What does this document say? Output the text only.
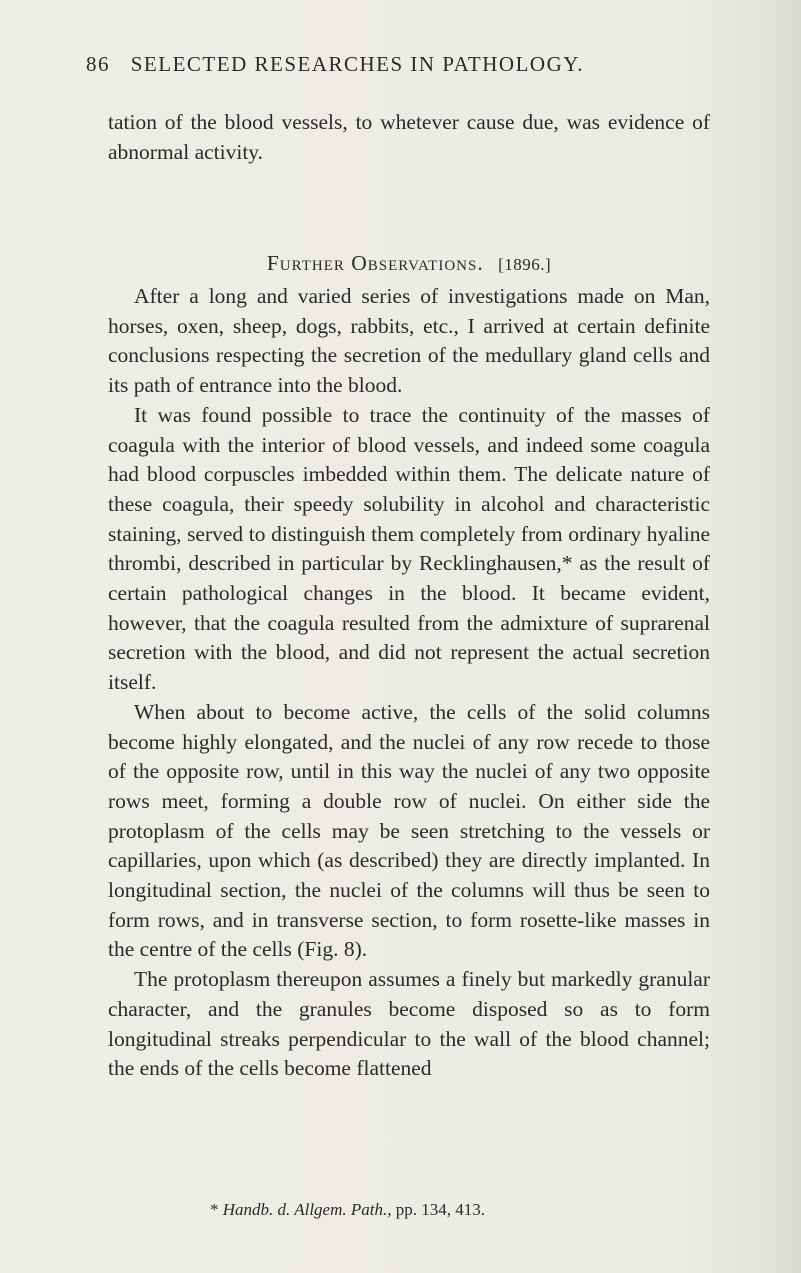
86 SELECTED RESEARCHES IN PATHOLOGY.

tation of the blood vessels, to whetever cause due, was evidence of abnormal activity.

Further Observations. [1896.]

After a long and varied series of investigations made on Man, horses, oxen, sheep, dogs, rabbits, etc., I arrived at certain definite conclusions respecting the secretion of the medullary gland cells and its path of entrance into the blood.

It was found possible to trace the continuity of the masses of coagula with the interior of blood vessels, and indeed some coagula had blood corpuscles imbedded within them. The delicate nature of these coagula, their speedy solubility in alcohol and characteristic staining, served to distinguish them completely from ordinary hyaline thrombi, described in particular by Recklinghausen,* as the result of certain pathological changes in the blood. It became evident, however, that the coagula resulted from the admixture of suprarenal secretion with the blood, and did not represent the actual secretion itself.

When about to become active, the cells of the solid columns become highly elongated, and the nuclei of any row recede to those of the opposite row, until in this way the nuclei of any two opposite rows meet, forming a double row of nuclei. On either side the protoplasm of the cells may be seen stretching to the vessels or capillaries, upon which (as described) they are directly implanted. In longitudinal section, the nuclei of the columns will thus be seen to form rows, and in transverse section, to form rosette-like masses in the centre of the cells (Fig. 8).

The protoplasm thereupon assumes a finely but markedly granular character, and the granules become disposed so as to form longitudinal streaks perpendicular to the wall of the blood channel; the ends of the cells become flattened

* Handb. d. Allgem. Path., pp. 134, 413.
